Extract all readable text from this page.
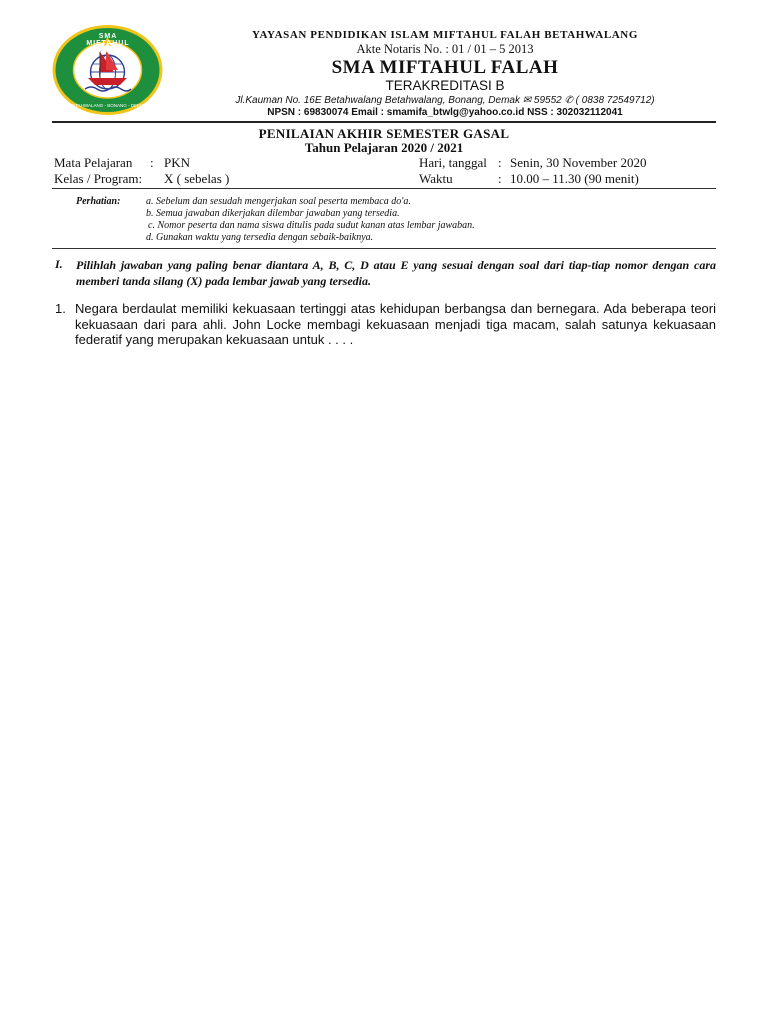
SMA MIFTAHUL FALAH
BETAHWALANG - BONANG - DEMAK
YAYASAN PENDIDIKAN ISLAM MIFTAHUL FALAH BETAHWALANG
Akte Notaris No. : 01 / 01 – 5 2013
SMA MIFTAHUL FALAH
TERAKREDITASI B
Jl.Kauman No. 16E Betahwalang Betahwalang, Bonang, Demak ✉ 59552 ✆ ( 0838 72549712)
NPSN : 69830074 Email : smamifa_btwlg@yahoo.co.id NSS : 302032112041
PENILAIAN AKHIR SEMESTER GASAL
Tahun Pelajaran 2020 / 2021
Mata Pelajaran : PKN
Kelas / Program: X ( sebelas )
Hari, tanggal : Senin, 30 November 2020
Waktu	: 10.00 – 11.30 (90 menit)
Perhatian:	a. Sebelum dan sesudah mengerjakan soal peserta membaca do'a.
b. Semua jawaban dikerjakan dilembar jawaban yang tersedia.
c. Nomor peserta dan nama siswa ditulis pada sudut kanan atas lembar jawaban.
d. Gunakan waktu yang tersedia dengan sebaik-baiknya.
I. Pilihlah jawaban yang paling benar diantara A, B, C, D atau E yang sesuai dengan soal dari tiap-tiap nomor dengan cara memberi tanda silang (X) pada lembar jawab yang tersedia.
1. Negara berdaulat memiliki kekuasaan tertinggi atas kehidupan berbangsa dan bernegara. Ada beberapa teori kekuasaan dari para ahli. John Locke membagi kekuasaan menjadi tiga macam, salah satunya kekuasaan federatif yang merupakan kekuasaan untuk . . . .
